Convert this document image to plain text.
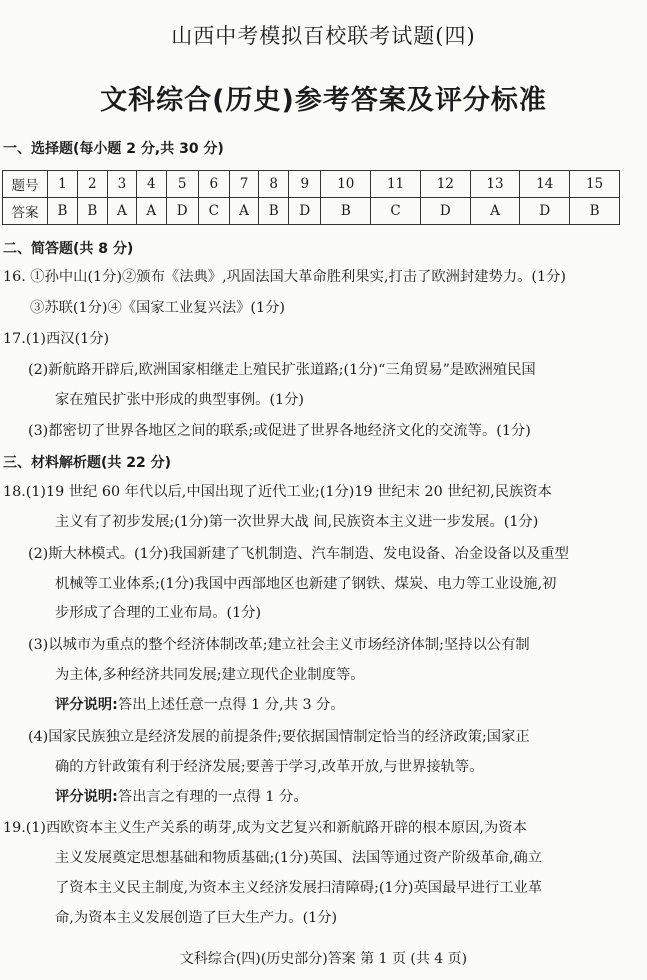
山西中考模拟百校联考试题(四)
文科综合(历史)参考答案及评分标准
一、选择题(每小题 2 分,共 30 分)
题号	1	2	3	4	5	6	7	8	9	10	11	12	13	14	15
答案	B	B	A	A	D	C	A	B	D	B	C	D	A	D	B
二、简答题(共 8 分)
16. ①孙中山(1分)②颁布《法典》,巩固法国大革命胜利果实,打击了欧洲封建势力。(1分)
③苏联(1分)④《国家工业复兴法》(1分)
17.(1)西汉(1分)
(2)新航路开辟后,欧洲国家相继走上殖民扩张道路;(1分)“三角贸易”是欧洲殖民国
家在殖民扩张中形成的典型事例。(1分)
(3)都密切了世界各地区之间的联系;或促进了世界各地经济文化的交流等。(1分)
三、材料解析题(共 22 分)
18.(1)19 世纪 60 年代以后,中国出现了近代工业;(1分)19 世纪末 20 世纪初,民族资本
主义有了初步发展;(1分)第一次世界大战 间,民族资本主义进一步发展。(1分)
(2)斯大林模式。(1分)我国新建了飞机制造、汽车制造、发电设备、冶金设备以及重型
机械等工业体系;(1分)我国中西部地区也新建了钢铁、煤炭、电力等工业设施,初
步形成了合理的工业布局。(1分)
(3)以城市为重点的整个经济体制改革;建立社会主义市场经济体制;坚持以公有制
为主体,多种经济共同发展;建立现代企业制度等。
评分说明:答出上述任意一点得 1 分,共 3 分。
(4)国家民族独立是经济发展的前提条件;要依据国情制定恰当的经济政策;国家正
确的方针政策有利于经济发展;要善于学习,改革开放,与世界接轨等。
评分说明:答出言之有理的一点得 1 分。
19.(1)西欧资本主义生产关系的萌芽,成为文艺复兴和新航路开辟的根本原因,为资本
主义发展奠定思想基础和物质基础;(1分)英国、法国等通过资产阶级革命,确立
了资本主义民主制度,为资本主义经济发展扫清障碍;(1分)英国最早进行工业革
命,为资本主义发展创造了巨大生产力。(1分)
文科综合(四)(历史部分)答案 第 1 页 (共 4 页)
